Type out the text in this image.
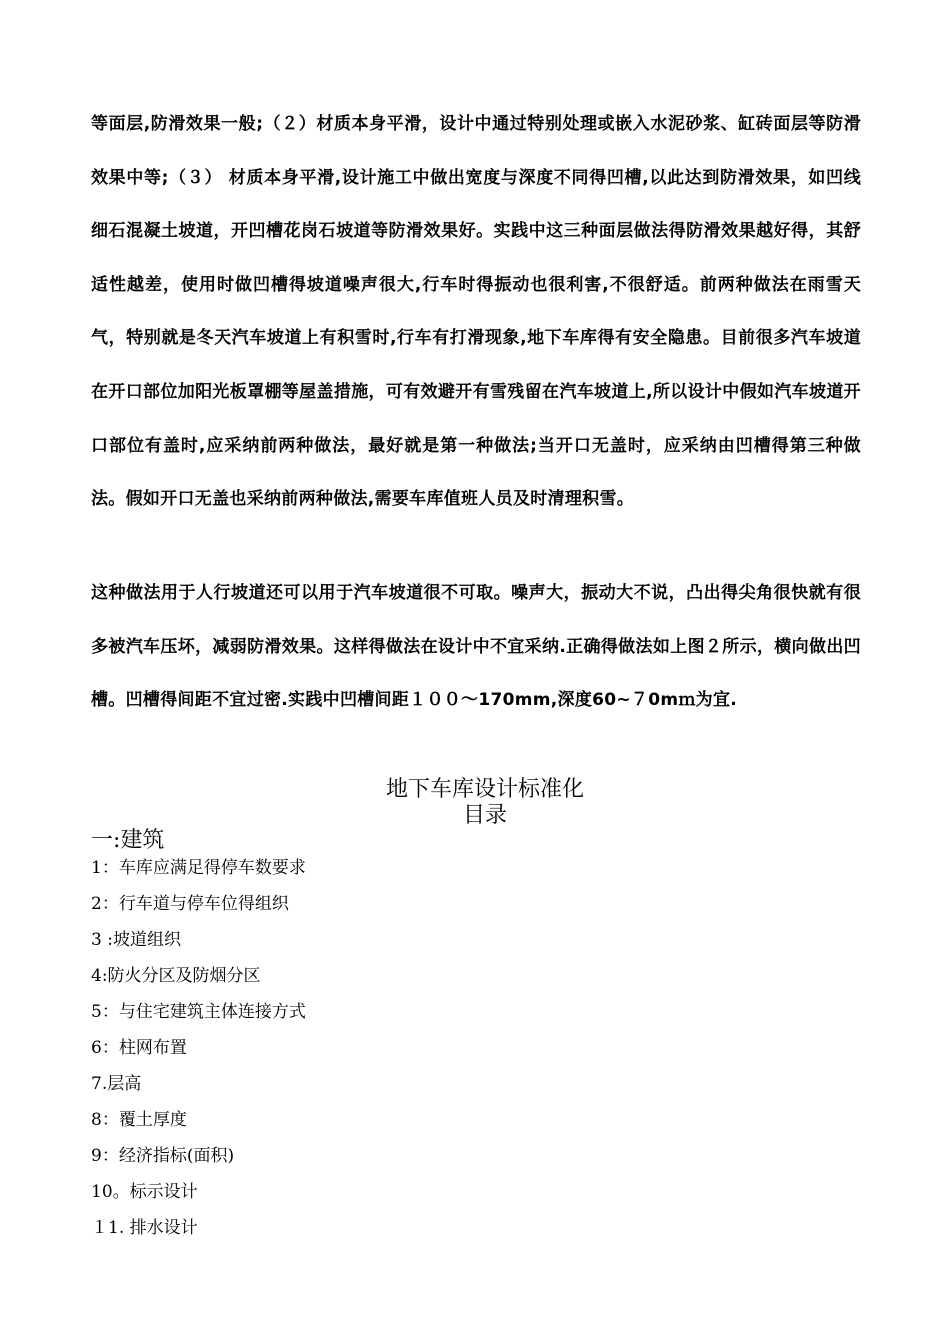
等面层,防滑效果一般;（２）材质本身平滑，设计中通过特别处理或嵌入水泥砂浆、缸砖面层等防滑效果中等;（３） 材质本身平滑,设计施工中做出宽度与深度不同得凹槽,以此达到防滑效果，如凹线细石混凝土坡道，开凹槽花岗石坡道等防滑效果好。实践中这三种面层做法得防滑效果越好得，其舒适性越差，使用时做凹槽得坡道噪声很大,行车时得振动也很利害,不很舒适。前两种做法在雨雪天气，特别就是冬天汽车坡道上有积雪时,行车有打滑现象,地下车库得有安全隐患。目前很多汽车坡道在开口部位加阳光板罩棚等屋盖措施，可有效避开有雪残留在汽车坡道上,所以设计中假如汽车坡道开口部位有盖时,应采纳前两种做法，最好就是第一种做法;当开口无盖时，应采纳由凹槽得第三种做法。假如开口无盖也采纳前两种做法,需要车库值班人员及时清理积雪。

这种做法用于人行坡道还可以用于汽车坡道很不可取。噪声大，振动大不说，凸出得尖角很快就有很多被汽车压坏，减弱防滑效果。这样得做法在设计中不宜采纳.正确得做法如上图２所示，横向做出凹槽。凹槽得间距不宜过密.实践中凹槽间距１００～170mm,深度60~７0mｍ为宜.

地下车库设计标准化
目录
一:建筑
1：车库应满足得停车数要求
2：行车道与停车位得组织
3 :坡道组织
4:防火分区及防烟分区
5：与住宅建筑主体连接方式
6：柱网布置
7.层高
8：覆土厚度
9：经济指标(面积)
10。标示设计
１1. 排水设计
